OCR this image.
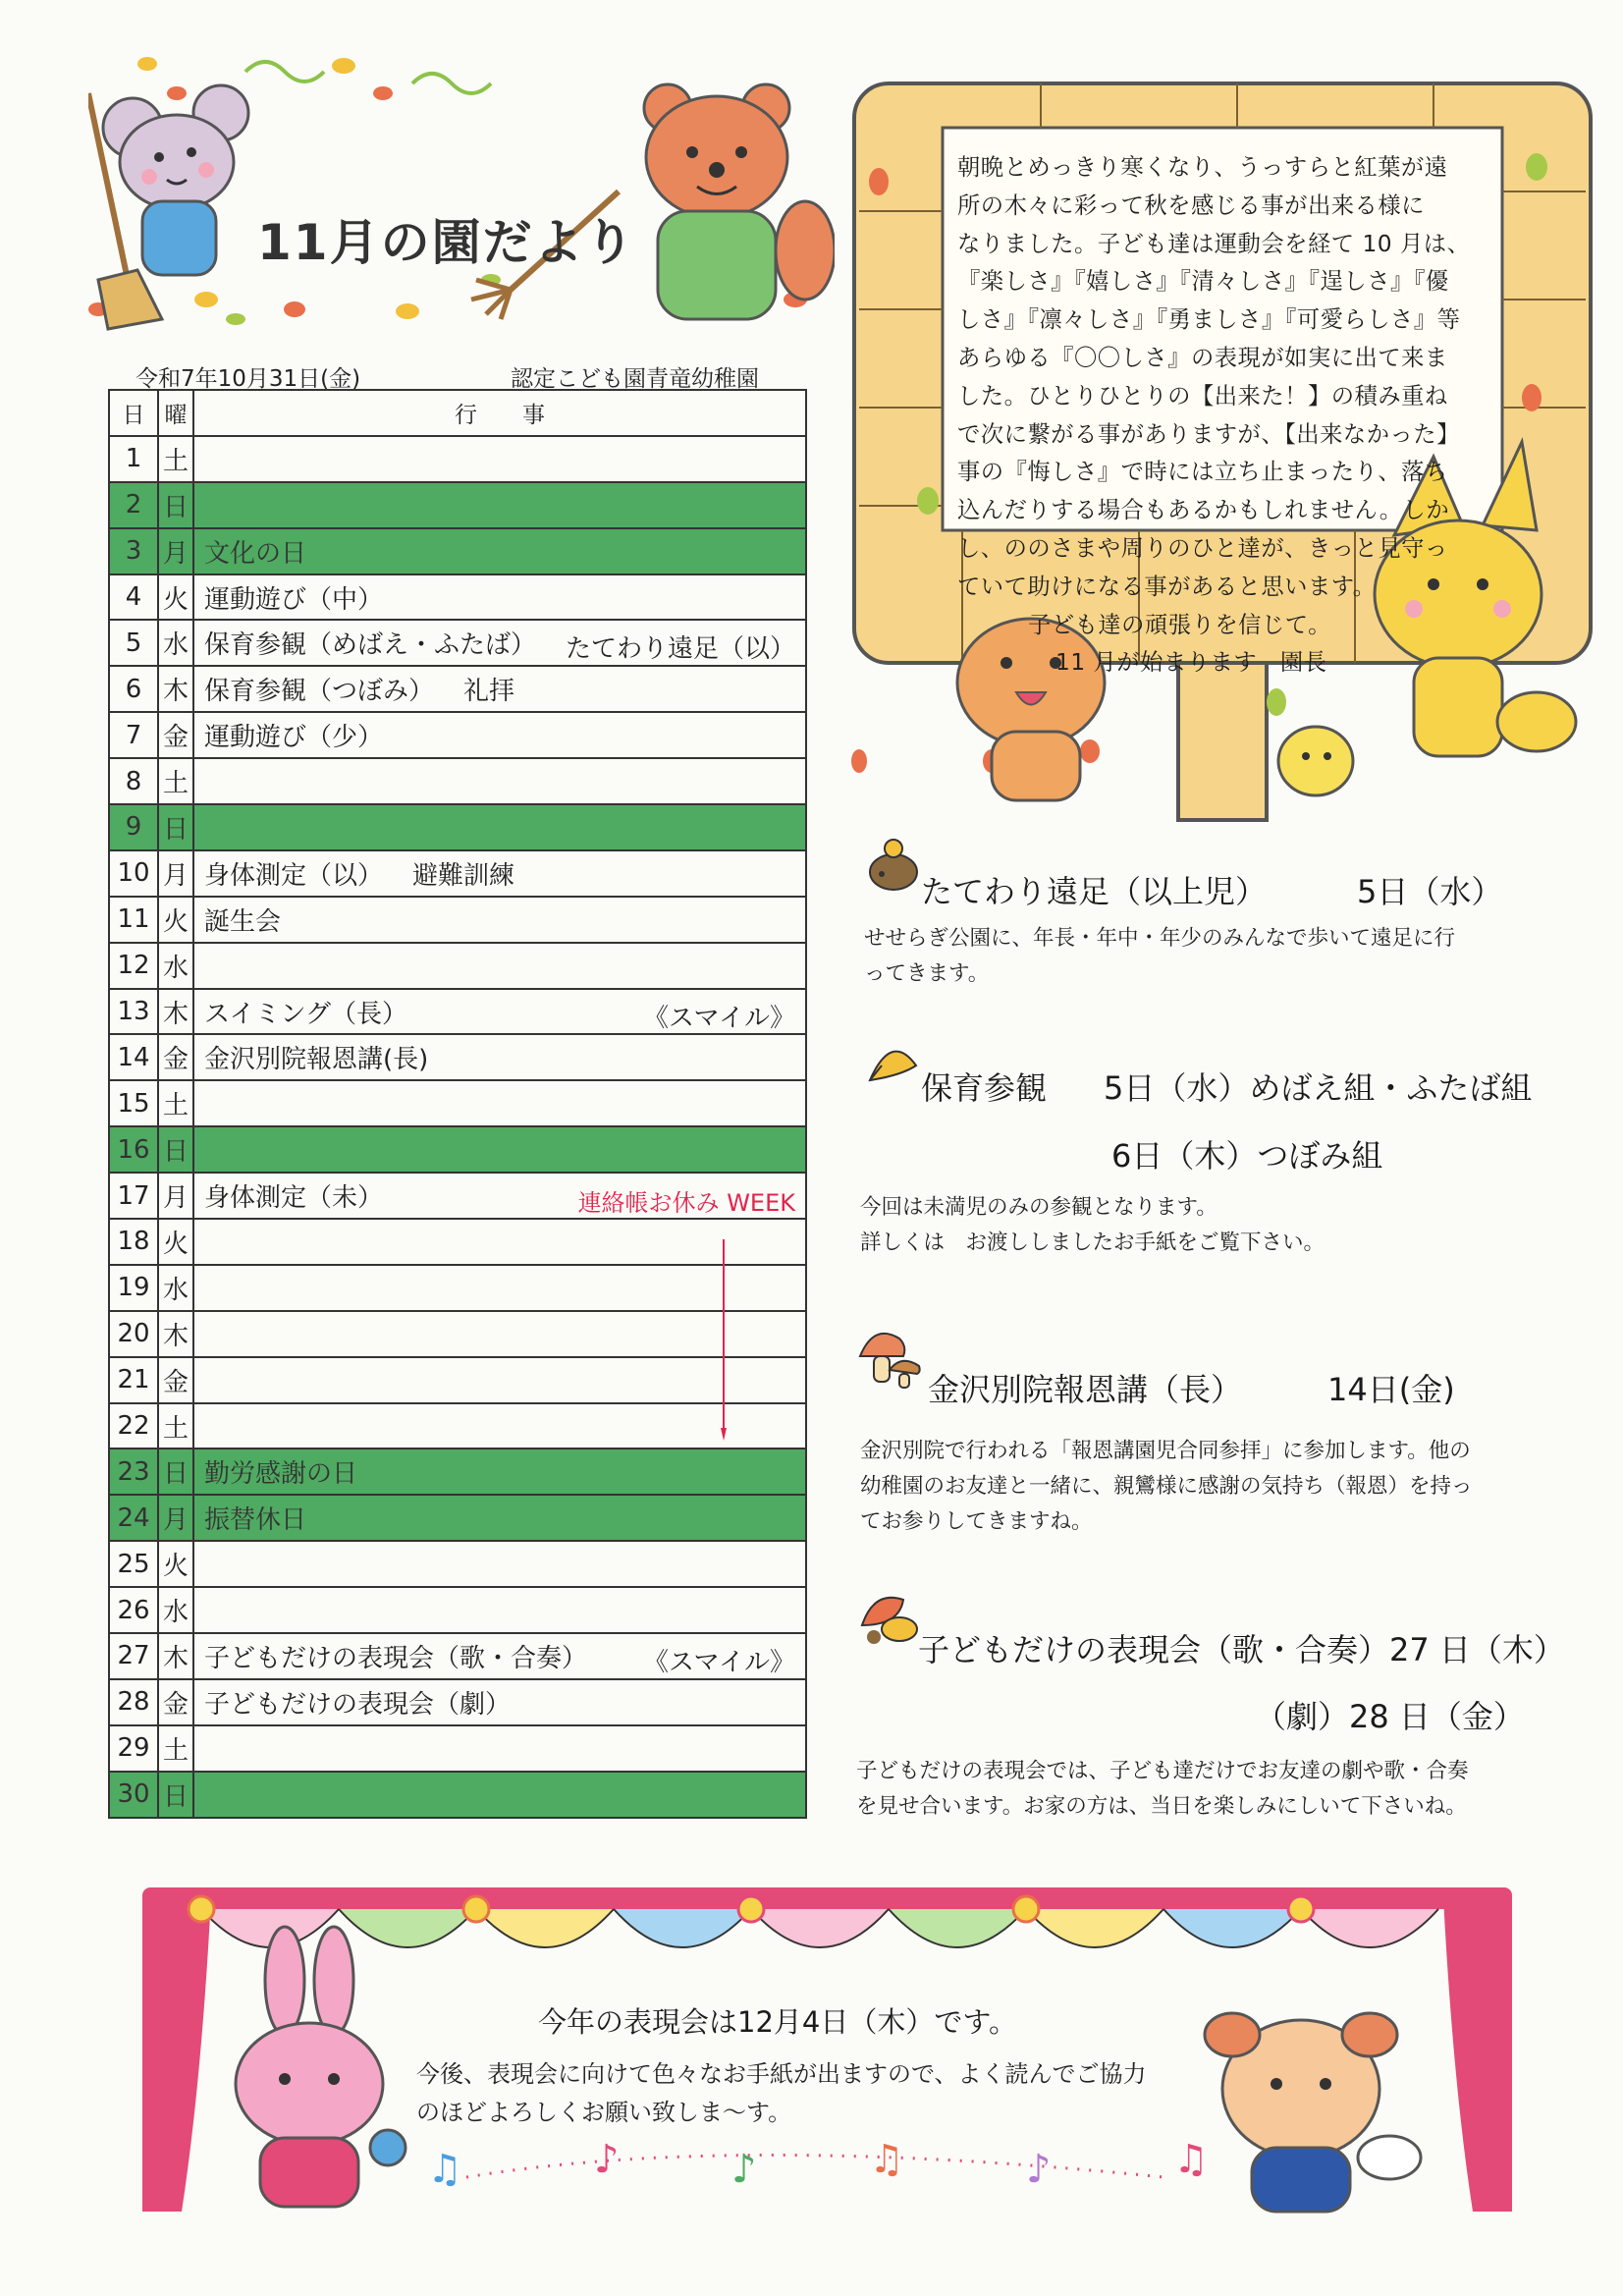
11月の園だより
令和7年10月31日(金)	認定こども園青竜幼稚園
日	曜	行　　事
1	土	
2	日	
3	月	文化の日
4	火	運動遊び（中）
5	水	保育参観（めばえ・ふたば） たてわり遠足（以）

6	木	保育参観（つぼみ） 礼拝
7	金	運動遊び（少）
8	土	
9	日	
10	月	身体測定（以） 避難訓練
11	火	誕生会
12	水	
13	木	スイミング（長） 《スマイル》

14	金	金沢別院報恩講(長)
15	土	
16	日	
17	月	身体測定（未） 連絡帳お休み WEEK

18	火	
19	水	
20	木	
21	金	
22	土	
23	日	勤労感謝の日
24	月	振替休日
25	火	
26	水	
27	木	子どもだけの表現会（歌・合奏） 《スマイル》

28	金	子どもだけの表現会（劇）
29	土	
30	日	

朝晩とめっきり寒くなり、うっすらと紅葉が遠

所の木々に彩って秋を感じる事が出来る様に

なりました。子ども達は運動会を経て 10 月は、

『楽しさ』『嬉しさ』『清々しさ』『逞しさ』『優

しさ』『凛々しさ』『勇ましさ』『可愛らしさ』等

あらゆる『〇〇しさ』の表現が如実に出て来ま

した。ひとりひとりの【出来た！】の積み重ね

で次に繋がる事がありますが、【出来なかった】

事の『悔しさ』で時には立ち止まったり、落ち

込んだりする場合もあるかもしれません。しか

し、ののさまや周りのひと達が、きっと見守っ

ていて助けになる事があると思います。

子ども達の頑張りを信じて。

11 月が始まります　園長

たてわり遠足（以上児）	5日（水）

せせらぎ公園に、年長・年中・年少のみんなで歩いて遠足に行

ってきます。

保育参観 5日（水）めばえ組・ふたば組
6日（木）つぼみ組

今回は未満児のみの参観となります。

詳しくは　お渡ししましたお手紙をご覧下さい。

金沢別院報恩講（長）	14日(金)

金沢別院で行われる「報恩講園児合同参拝」に参加します。他の

幼稚園のお友達と一緒に、親鸞様に感謝の気持ち（報恩）を持っ

てお参りしてきますね。

子どもだけの表現会（歌・合奏）27 日（木）
（劇）28 日（金）

子どもだけの表現会では、子ども達だけでお友達の劇や歌・合奏

を見せ合います。お家の方は、当日を楽しみにしいて下さいね。

♫	♪	♪	♫	♪	♫
今年の表現会は12月4日（木）です。

今後、表現会に向けて色々なお手紙が出ますので、よく読んでご協力

のほどよろしくお願い致しま～す。
